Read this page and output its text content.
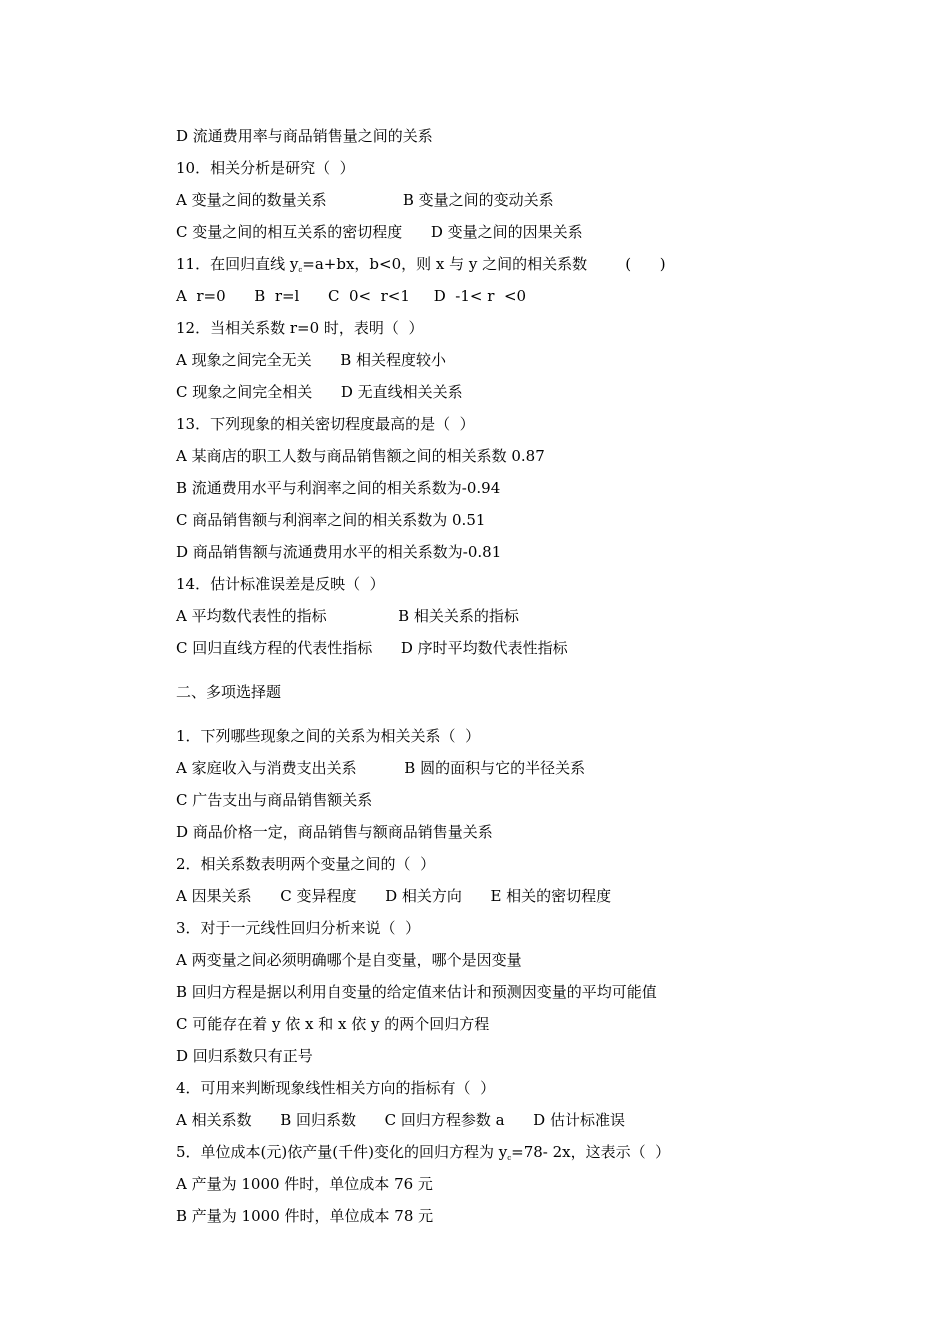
D 流通费用率与商品销售量之间的关系
10．相关分析是研究（  ）
A 变量之间的数量关系                B 变量之间的变动关系
C 变量之间的相互关系的密切程度      D 变量之间的因果关系
11．在回归直线 $y_c=a+bx$，b<0，则 x 与 y 之间的相关系数        (      )
A  r=0      B  r=l      C  0<  r<1     D  -1< r  <0
12．当相关系数 r=0 时，表明（  ）
A 现象之间完全无关      B 相关程度较小
C 现象之间完全相关      D 无直线相关关系
13．下列现象的相关密切程度最高的是（  ）
A 某商店的职工人数与商品销售额之间的相关系数 0.87
B 流通费用水平与利润率之间的相关系数为-0.94
C 商品销售额与利润率之间的相关系数为 0.51
D 商品销售额与流通费用水平的相关系数为-0.81
14．估计标准误差是反映（  ）
A 平均数代表性的指标               B 相关关系的指标
C 回归直线方程的代表性指标      D 序时平均数代表性指标
二、多项选择题
1．下列哪些现象之间的关系为相关关系（  ）
A 家庭收入与消费支出关系          B 圆的面积与它的半径关系
C 广告支出与商品销售额关系
D 商品价格一定，商品销售与额商品销售量关系
2．相关系数表明两个变量之间的（  ）
A 因果关系      C 变异程度      D 相关方向      E 相关的密切程度
3．对于一元线性回归分析来说（  ）
A 两变量之间必须明确哪个是自变量，哪个是因变量
B 回归方程是据以利用自变量的给定值来估计和预测因变量的平均可能值
C 可能存在着 y 依 x 和 x 依 y 的两个回归方程
D 回归系数只有正号
4．可用来判断现象线性相关方向的指标有（  ）
A 相关系数      B 回归系数      C 回归方程参数 a      D 估计标准误
5．单位成本(元)依产量(千件)变化的回归方程为 $y_c=78-$ 2x，这表示（  ）
A 产量为 1000 件时，单位成本 76 元
B 产量为 1000 件时，单位成本 78 元
